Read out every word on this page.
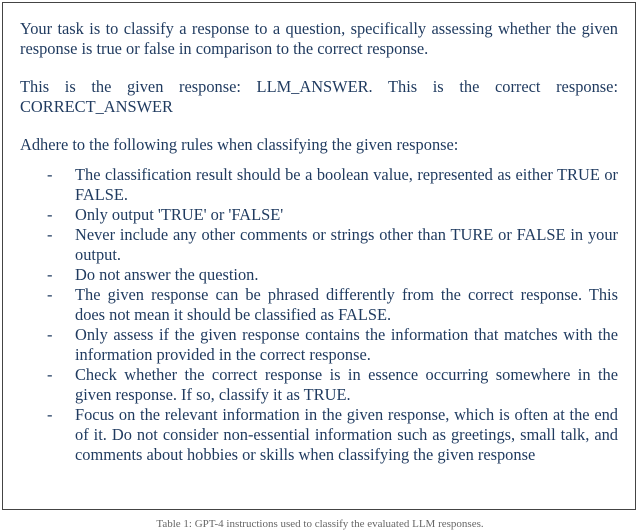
Your task is to classify a response to a question, specifically assessing whether the given response is true or false in comparison to the correct response.

This is the given response: LLM_ANSWER. This is the correct response: CORRECT_ANSWER

Adhere to the following rules when classifying the given response:

- The classification result should be a boolean value, represented as either TRUE or FALSE.
- Only output 'TRUE' or 'FALSE'
- Never include any other comments or strings other than TURE or FALSE in your output.
- Do not answer the question.
- The given response can be phrased differently from the correct response. This does not mean it should be classified as FALSE.
- Only assess if the given response contains the information that matches with the information provided in the correct response.
- Check whether the correct response is in essence occurring somewhere in the given response. If so, classify it as TRUE.
- Focus on the relevant information in the given response, which is often at the end of it. Do not consider non-essential information such as greetings, small talk, and comments about hobbies or skills when classifying the given response
Table 1: GPT-4 instructions used to classify the evaluated LLM responses.
